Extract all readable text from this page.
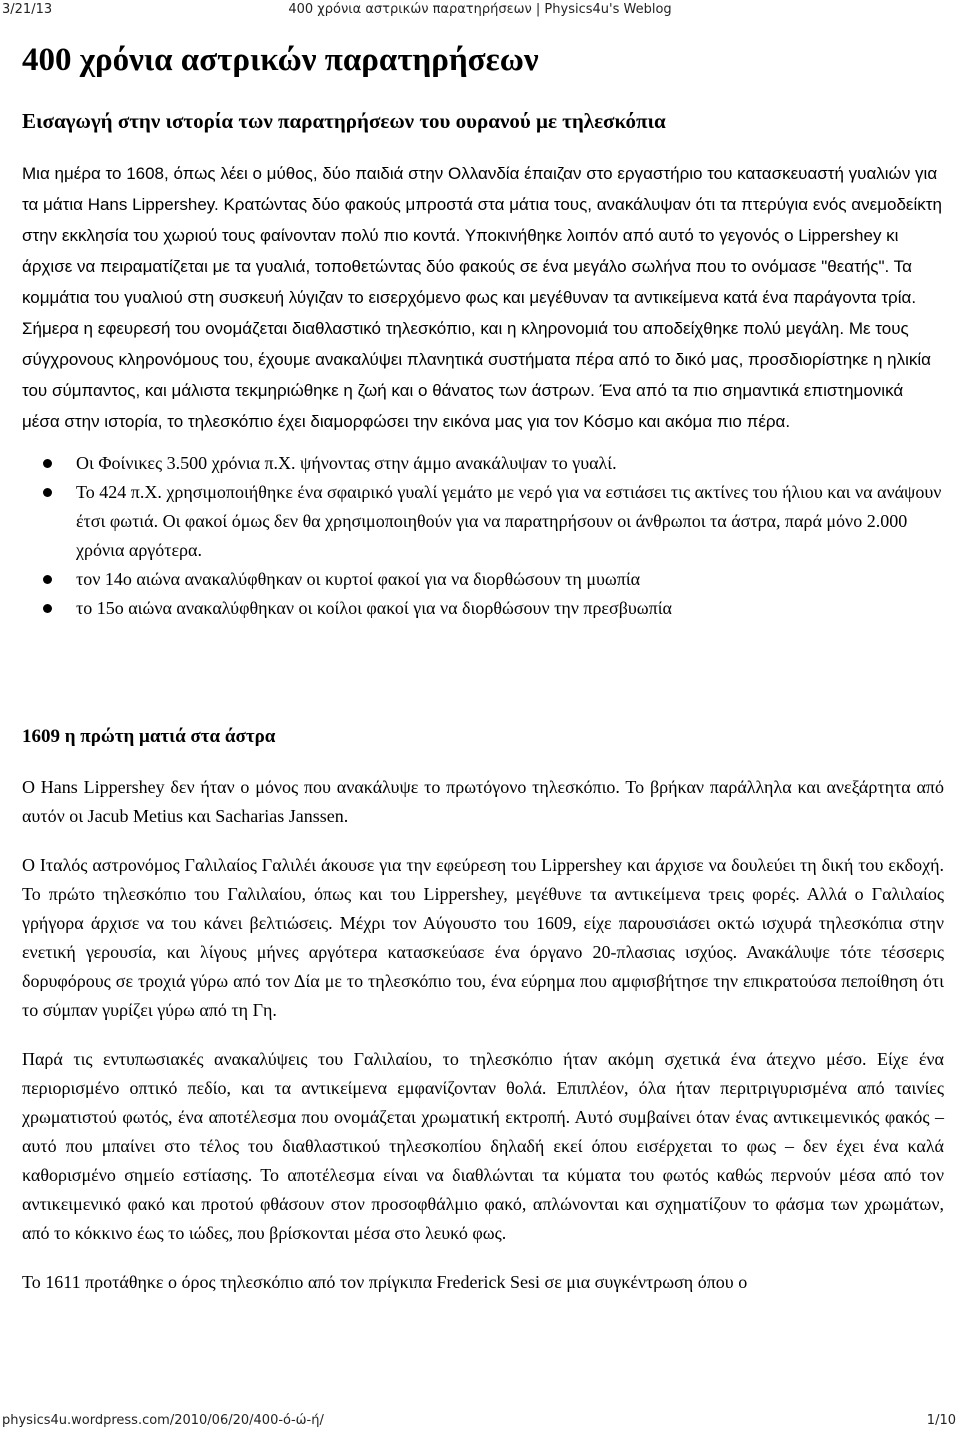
3/21/13	400 χρόνια αστρικών παρατηρήσεων | Physics4u's Weblog
400 χρόνια αστρικών παρατηρήσεων
Εισαγωγή στην ιστορία των παρατηρήσεων του ουρανού με τηλεσκόπια

Μια ημέρα το 1608, όπως λέει ο μύθος, δύο παιδιά στην Ολλανδία έπαιζαν στο εργαστήριο του κατασκευαστή γυαλιών για τα μάτια Hans Lippershey. Κρατώντας δύο φακούς μπροστά στα μάτια τους, ανακάλυψαν ότι τα πτερύγια ενός ανεμοδείκτη στην εκκλησία του χωριού τους φαίνονταν πολύ πιο κοντά. Υποκινήθηκε λοιπόν από αυτό το γεγονός ο Lippershey κι άρχισε να πειραματίζεται με τα γυαλιά, τοποθετώντας δύο φακούς σε ένα μεγάλο σωλήνα που το ονόμασε "θεατής". Τα κομμάτια του γυαλιού στη συσκευή λύγιζαν το εισερχόμενο φως και μεγέθυναν τα αντικείμενα κατά ένα παράγοντα τρία. Σήμερα η εφευρεσή του ονομάζεται διαθλαστικό τηλεσκόπιο, και η κληρονομιά του αποδείχθηκε πολύ μεγάλη. Με τους σύγχρονους κληρονόμους του, έχουμε ανακαλύψει πλανητικά συστήματα πέρα από το δικό μας, προσδιορίστηκε η ηλικία του σύμπαντος, και μάλιστα τεκμηριώθηκε η ζωή και ο θάνατος των άστρων. Ένα από τα πιο σημαντικά επιστημονικά μέσα στην ιστορία, το τηλεσκόπιο έχει διαμορφώσει την εικόνα μας για τον Κόσμο και ακόμα πιο πέρα.

Οι Φοίνικες 3.500 χρόνια π.Χ. ψήνοντας στην άμμο ανακάλυψαν το γυαλί.
Το 424 π.Χ. χρησιμοποιήθηκε ένα σφαιρικό γυαλί γεμάτο με νερό για να εστιάσει τις ακτίνες του ήλιου και να ανάψουν έτσι φωτιά. Οι φακοί όμως δεν θα χρησιμοποιηθούν για να παρατηρήσουν οι άνθρωποι τα άστρα, παρά μόνο 2.000 χρόνια αργότερα.
τον 14ο αιώνα ανακαλύφθηκαν οι κυρτοί φακοί για να διορθώσουν τη μυωπία
το 15ο αιώνα ανακαλύφθηκαν οι κοίλοι φακοί για να διορθώσουν την πρεσβυωπία
1609 η πρώτη ματιά στα άστρα

Ο Hans Lippershey δεν ήταν ο μόνος που ανακάλυψε το πρωτόγονο τηλεσκόπιο. Το βρήκαν παράλληλα και ανεξάρτητα από αυτόν οι Jacub Metius και Sacharias Janssen.

Ο Ιταλός αστρονόμος Γαλιλαίος Γαλιλέι άκουσε για την εφεύρεση του Lippershey και άρχισε να δουλεύει τη δική του εκδοχή. Το πρώτο τηλεσκόπιο του Γαλιλαίου, όπως και του Lippershey, μεγέθυνε τα αντικείμενα τρεις φορές. Αλλά ο Γαλιλαίος γρήγορα άρχισε να του κάνει βελτιώσεις. Μέχρι τον Αύγουστο του 1609, είχε παρουσιάσει οκτώ ισχυρά τηλεσκόπια στην ενετική γερουσία, και λίγους μήνες αργότερα κατασκεύασε ένα όργανο 20-πλασιας ισχύος. Ανακάλυψε τότε τέσσερις δορυφόρους σε τροχιά γύρω από τον Δία με το τηλεσκόπιο του, ένα εύρημα που αμφισβήτησε την επικρατούσα πεποίθηση ότι το σύμπαν γυρίζει γύρω από τη Γη.

Παρά τις εντυπωσιακές ανακαλύψεις του Γαλιλαίου, το τηλεσκόπιο ήταν ακόμη σχετικά ένα άτεχνο μέσο. Είχε ένα περιορισμένο οπτικό πεδίο, και τα αντικείμενα εμφανίζονταν θολά. Επιπλέον, όλα ήταν περιτριγυρισμένα από ταινίες χρωματιστού φωτός, ένα αποτέλεσμα που ονομάζεται χρωματική εκτροπή. Αυτό συμβαίνει όταν ένας αντικειμενικός φακός – αυτό που μπαίνει στο τέλος του διαθλαστικού τηλεσκοπίου δηλαδή εκεί όπου εισέρχεται το φως – δεν έχει ένα καλά καθορισμένο σημείο εστίασης. Το αποτέλεσμα είναι να διαθλώνται τα κύματα του φωτός καθώς περνούν μέσα από τον αντικειμενικό φακό και προτού φθάσουν στον προσοφθάλμιο φακό, απλώνονται και σχηματίζουν το φάσμα των χρωμάτων, από το κόκκινο έως το ιώδες, που βρίσκονται μέσα στο λευκό φως.

Το 1611 προτάθηκε ο όρος τηλεσκόπιο από τον πρίγκιπα Frederick Sesi σε μια συγκέντρωση όπου ο

physics4u.wordpress.com/2010/06/20/400-ό-ώ-ή/	1/10
